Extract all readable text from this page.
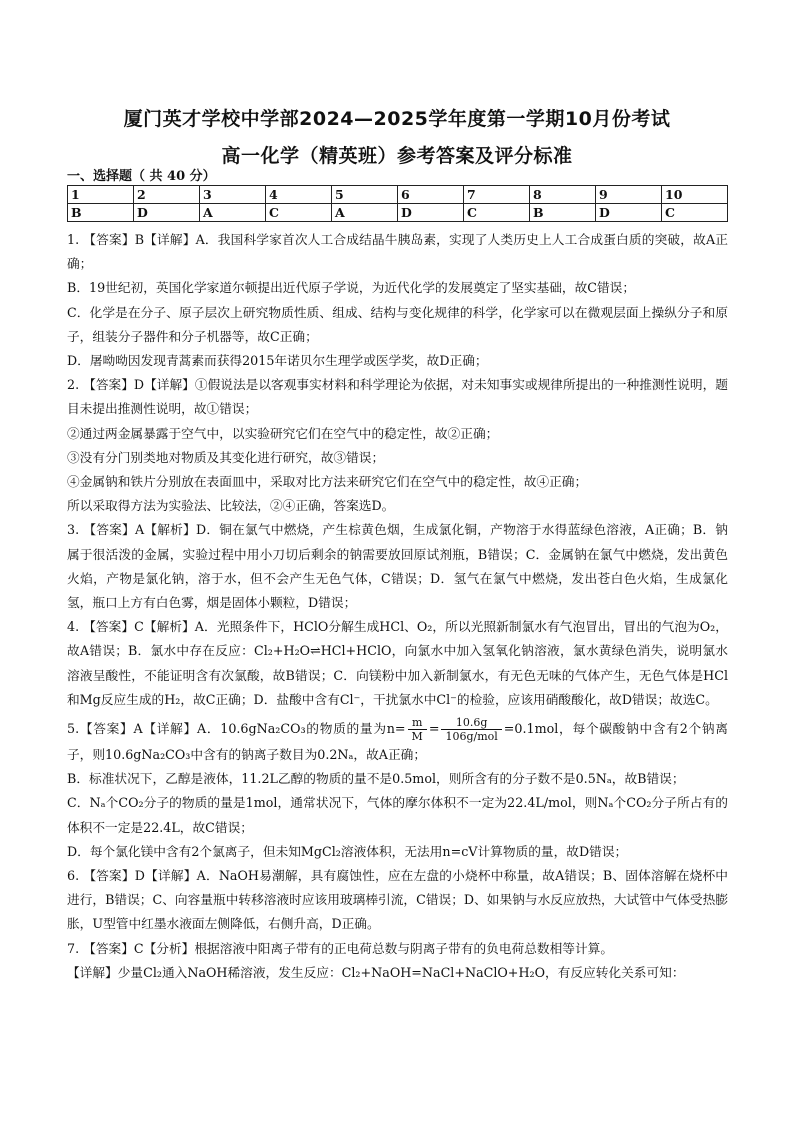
厦门英才学校中学部2024—2025学年度第一学期10月份考试
高一化学（精英班）参考答案及评分标准
一、选择题（ 共 40 分）
1	2	3	4	5	6	7	8	9	10
B	D	A	C	A	D	C	B	D	C

1. 【答案】B【详解】A．我国科学家首次人工合成结晶牛胰岛素，实现了人类历史上人工合成蛋白质的突破，故A正确；

B．19世纪初，英国化学家道尔顿提出近代原子学说，为近代化学的发展奠定了坚实基础，故C错误；

C．化学是在分子、原子层次上研究物质性质、组成、结构与变化规律的科学，化学家可以在微观层面上操纵分子和原子，组装分子器件和分子机器等，故C正确；

D．屠呦呦因发现青蒿素而获得2015年诺贝尔生理学或医学奖，故D正确；

2. 【答案】D【详解】①假说法是以客观事实材料和科学理论为依据，对未知事实或规律所提出的一种推测性说明，题目未提出推测性说明，故①错误；

②通过两金属暴露于空气中，以实验研究它们在空气中的稳定性，故②正确；

③没有分门别类地对物质及其变化进行研究，故③错误；

④金属钠和铁片分别放在表面皿中，采取对比方法来研究它们在空气中的稳定性，故④正确；

所以采取得方法为实验法、比较法，②④正确，答案选D。

3. 【答案】A【解析】D．铜在氯气中燃烧，产生棕黄色烟，生成氯化铜，产物溶于水得蓝绿色溶液，A正确；B．钠属于很活泼的金属，实验过程中用小刀切后剩余的钠需要放回原试剂瓶，B错误；C．金属钠在氯气中燃烧，发出黄色火焰，产物是氯化钠，溶于水，但不会产生无色气体，C错误；D．氢气在氯气中燃烧，发出苍白色火焰，生成氯化氢，瓶口上方有白色雾，烟是固体小颗粒，D错误；

4. 【答案】C【解析】A．光照条件下，HClO分解生成HCl、O₂，所以光照新制氯水有气泡冒出，冒出的气泡为O₂，故A错误；B．氯水中存在反应：Cl₂+H₂O⇌HCl+HClO，向氯水中加入氢氧化钠溶液，氯水黄绿色消失，说明氯水溶液呈酸性，不能证明含有次氯酸，故B错误；C．向镁粉中加入新制氯水，有无色无味的气体产生，无色气体是HCl和Mg反应生成的H₂，故C正确；D．盐酸中含有Cl⁻，干扰氯水中Cl⁻的检验，应该用硝酸酸化，故D错误；故选C。

5.【答案】A【详解】A．10.6gNa₂CO₃的物质的量为$n= \frac{m}{M} = \frac{10.6g}{\text{106g/mol}} =0.1mol$，每个碳酸钠中含有2个钠离子，则10.6gNa₂CO₃中含有的钠离子数目为0.2Nₐ，故A正确；

B．标准状况下，乙醇是液体，11.2L乙醇的物质的量不是0.5mol，则所含有的分子数不是0.5Nₐ，故B错误；

C．Nₐ个CO₂分子的物质的量是1mol，通常状况下，气体的摩尔体积不一定为22.4L/mol，则Nₐ个CO₂分子所占有的体积不一定是22.4L，故C错误；

D．每个氯化镁中含有2个氯离子，但未知MgCl₂溶液体积，无法用n=cV计算物质的量，故D错误；

6. 【答案】D【详解】A．NaOH易潮解，具有腐蚀性，应在左盘的小烧杯中称量，故A错误；B、固体溶解在烧杯中进行，B错误；C、向容量瓶中转移溶液时应该用玻璃棒引流，C错误；D、如果钠与水反应放热，大试管中气体受热膨胀，U型管中红墨水液面左侧降低，右侧升高，D正确。

7. 【答案】C【分析】根据溶液中阳离子带有的正电荷总数与阴离子带有的负电荷总数相等计算。

【详解】少量Cl₂通入NaOH稀溶液，发生反应：Cl₂+NaOH=NaCl+NaClO+H₂O，有反应转化关系可知：
